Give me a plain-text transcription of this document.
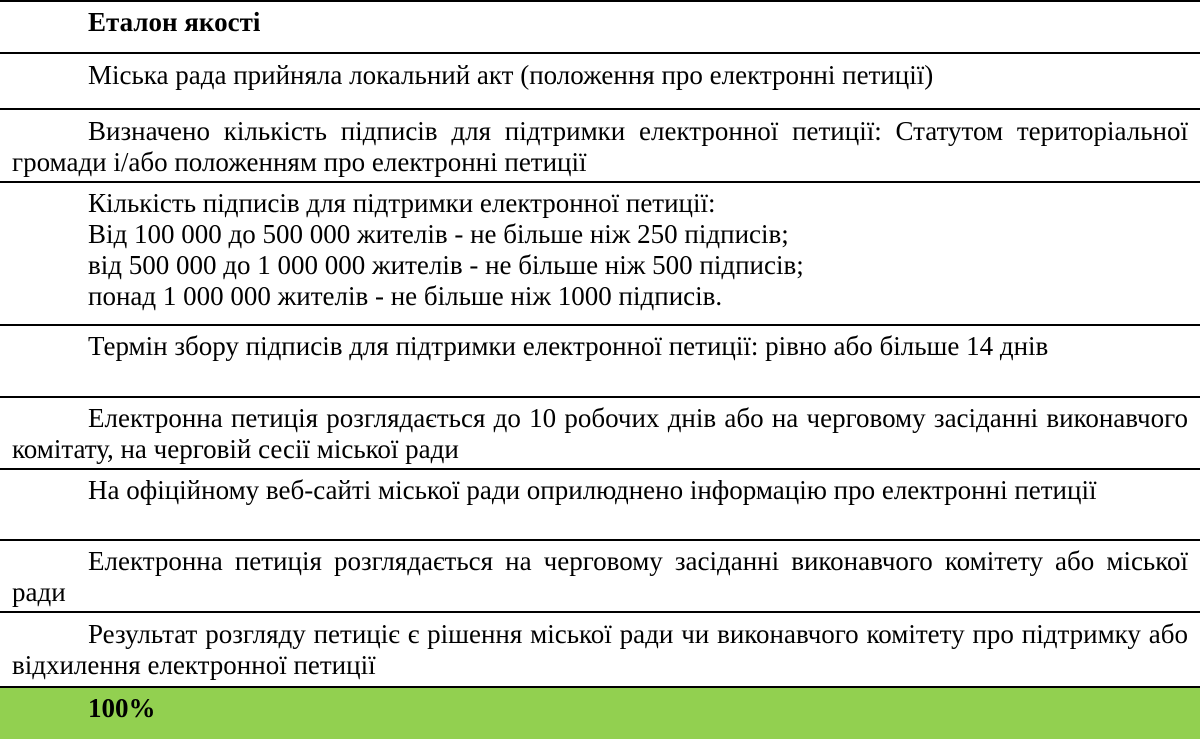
Еталон якості

Міська рада прийняла локальний акт (положення про електронні петиції)

Визначено кількість підписів для підтримки електронної петиції: Статутом територіальної громади і/або положенням про електронні петиції

Кількість підписів для підтримки електронної петиції:

Від 100 000 до 500 000 жителів - не більше ніж 250 підписів;

від 500 000 до 1 000 000 жителів - не більше ніж 500 підписів;

понад 1 000 000 жителів - не більше ніж 1000 підписів.

Термін збору підписів для підтримки електронної петиції: рівно або більше 14 днів

Електронна петиція розглядається до 10 робочих днів або на черговому засіданні виконавчого комітату, на черговій сесії міської ради

На офіційному веб-сайті міської ради оприлюднено інформацію про електронні петиції

Електронна петиція розглядається на черговому засіданні виконавчого комітету або міської ради

Результат розгляду петиціє є рішення міської ради чи виконавчого комітету про підтримку або відхилення електронної петиції

100%
